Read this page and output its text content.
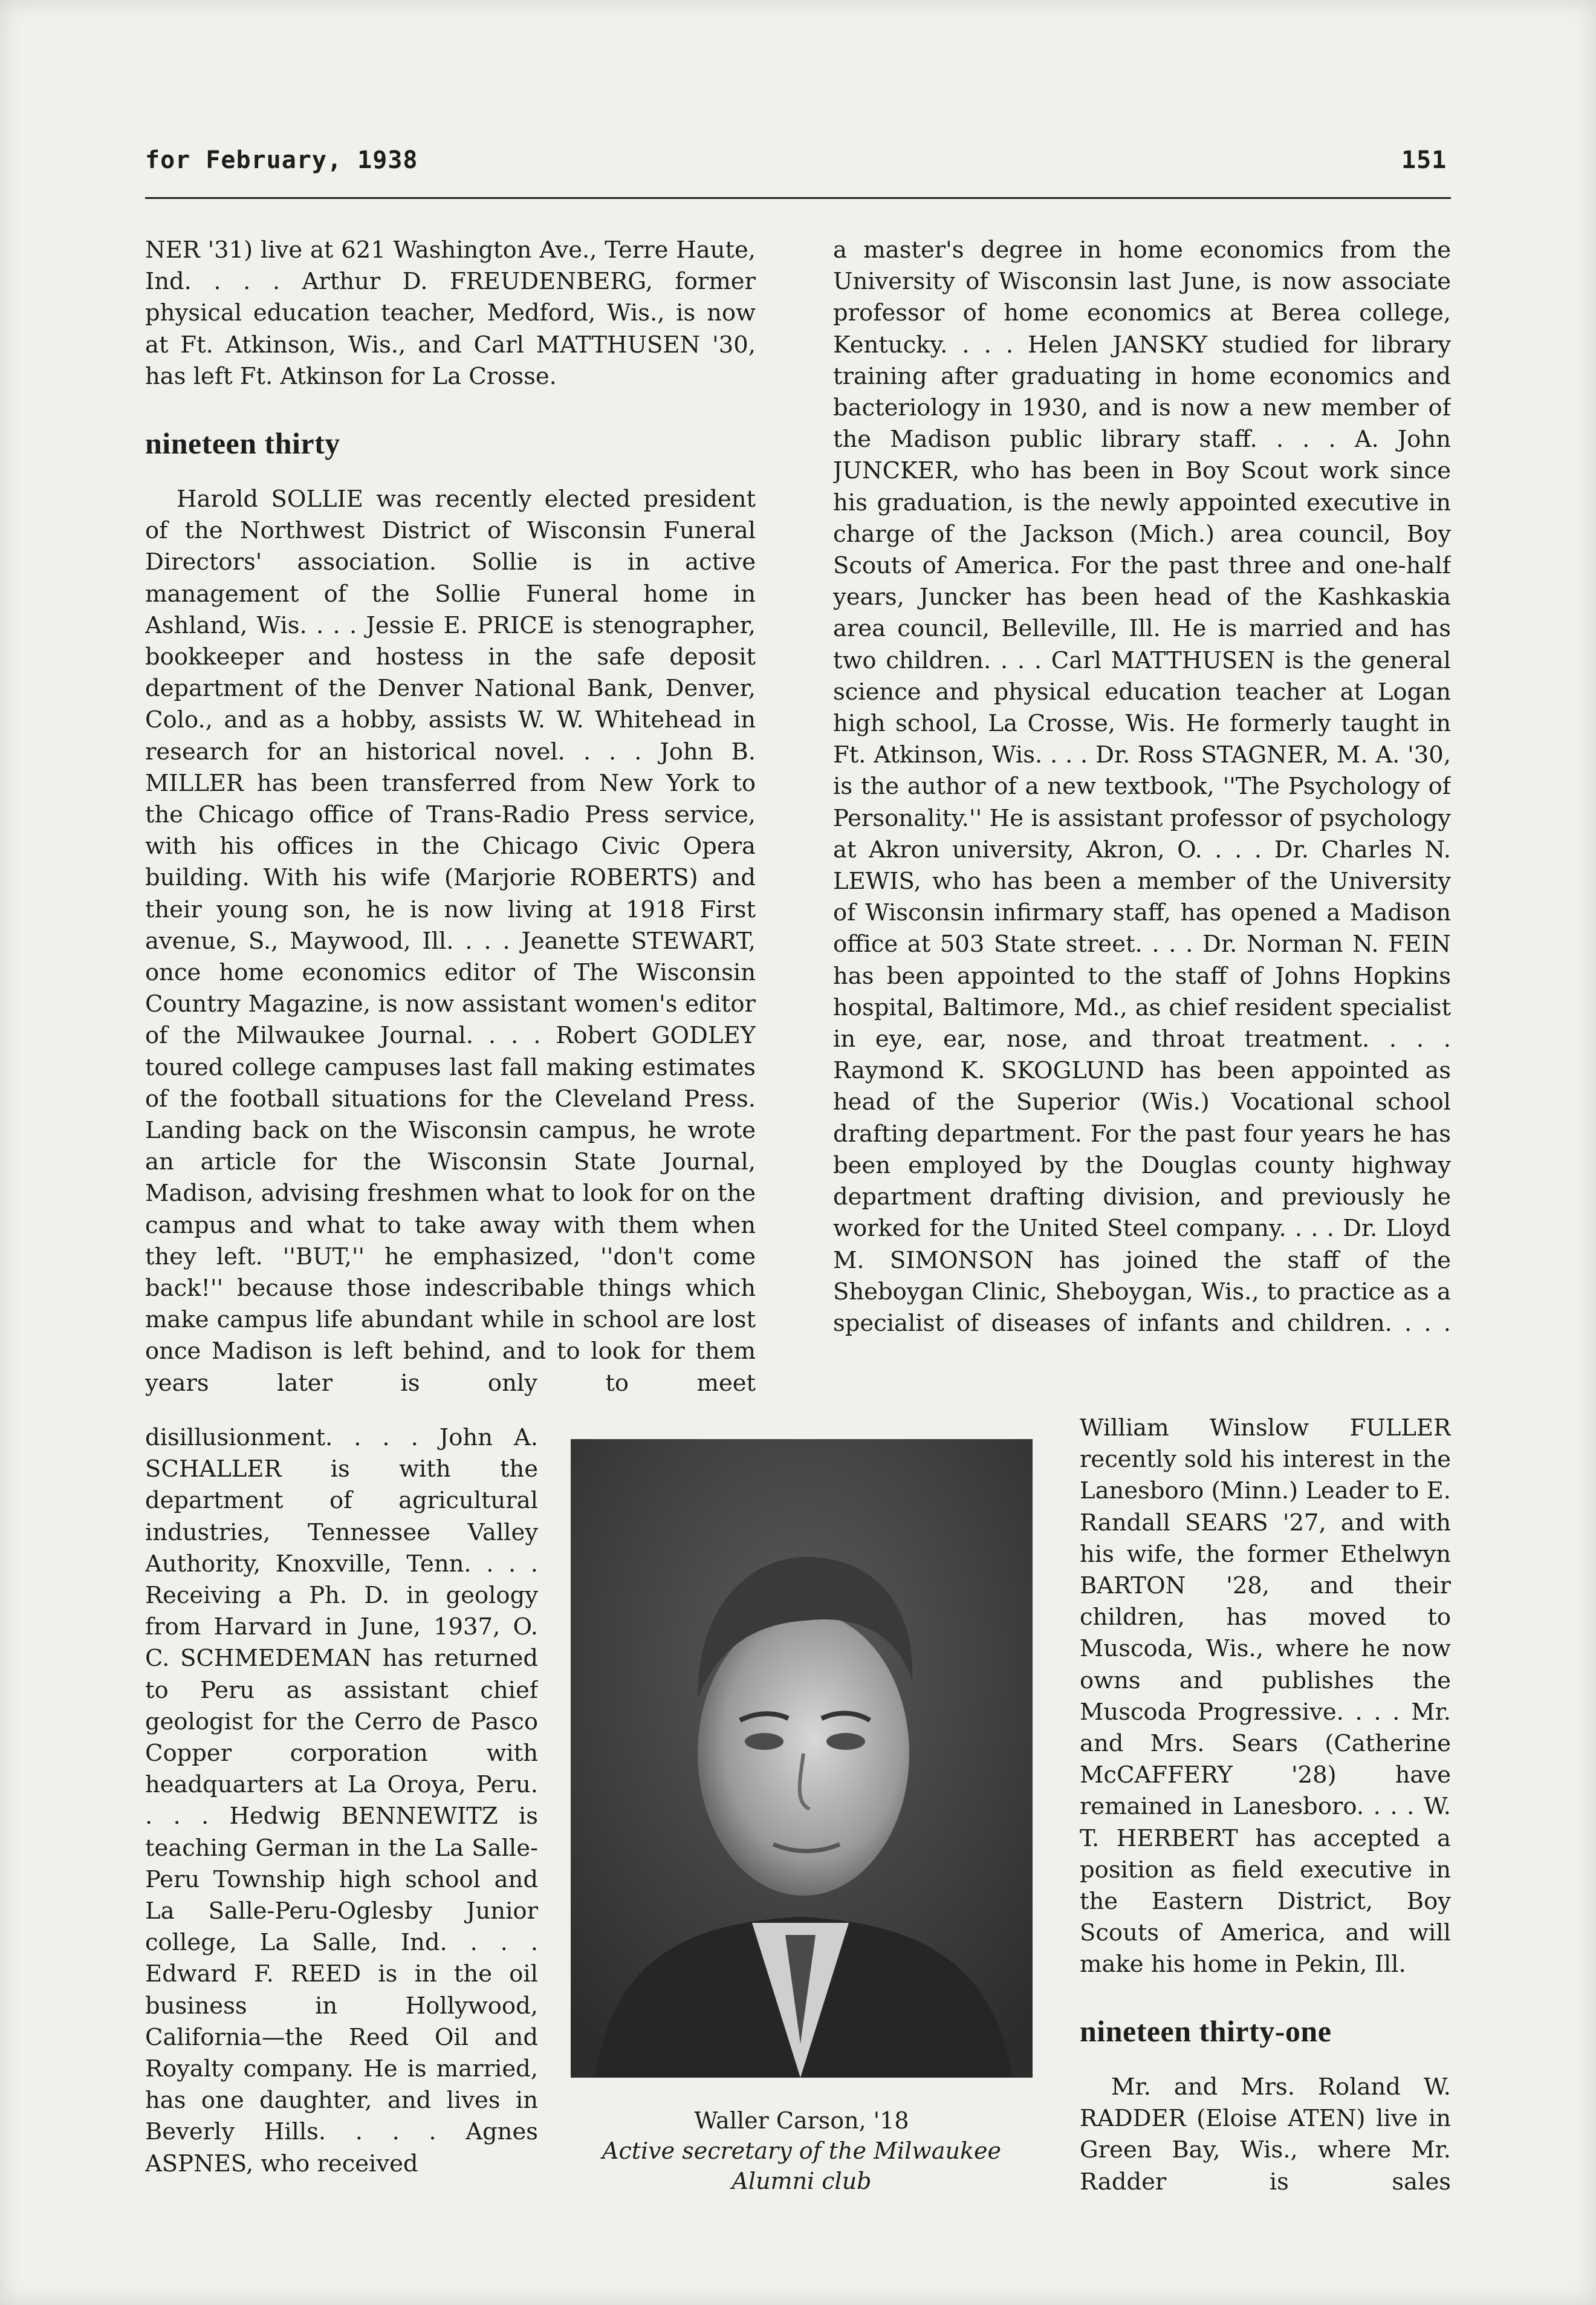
for February, 1938	151

NER '31) live at 621 Washington Ave., Terre Haute, Ind. . . . Arthur D. FREUDENBERG, former physical education teacher, Medford, Wis., is now at Ft. Atkinson, Wis., and Carl MATTHUSEN '30, has left Ft. Atkinson for La Crosse.

nineteen thirty

Harold SOLLIE was recently elected president of the Northwest District of Wisconsin Funeral Directors' association. Sollie is in active management of the Sollie Funeral home in Ashland, Wis. . . . Jessie E. PRICE is stenographer, bookkeeper and hostess in the safe deposit department of the Denver National Bank, Denver, Colo., and as a hobby, assists W. W. Whitehead in research for an historical novel. . . . John B. MILLER has been transferred from New York to the Chicago office of Trans-Radio Press service, with his offices in the Chicago Civic Opera building. With his wife (Marjorie ROBERTS) and their young son, he is now living at 1918 First avenue, S., Maywood, Ill. . . . Jeanette STEWART, once home economics editor of The Wisconsin Country Magazine, is now assistant women's editor of the Milwaukee Journal. . . . Robert GODLEY toured college campuses last fall making estimates of the football situations for the Cleveland Press. Landing back on the Wisconsin campus, he wrote an article for the Wisconsin State Journal, Madison, advising freshmen what to look for on the campus and what to take away with them when they left. ''BUT,'' he emphasized, ''don't come back!'' because those indescribable things which make campus life abundant while in school are lost once Madison is left behind, and to look for them years later is only to meet

disillusionment. . . . John A. SCHALLER is with the department of agricultural industries, Tennessee Valley Authority, Knoxville, Tenn. . . . Receiving a Ph. D. in geology from Harvard in June, 1937, O. C. SCHMEDEMAN has returned to Peru as assistant chief geologist for the Cerro de Pasco Copper corporation with headquarters at La Oroya, Peru. . . . Hedwig BENNEWITZ is teaching German in the La Salle-Peru Township high school and La Salle-Peru-Oglesby Junior college, La Salle, Ind. . . . Edward F. REED is in the oil business in Hollywood, California—the Reed Oil and Royalty company. He is married, has one daughter, and lives in Beverly Hills. . . . Agnes ASPNES, who received

Waller Carson, '18

Active secretary of the Milwaukee Alumni club

a master's degree in home economics from the University of Wisconsin last June, is now associate professor of home economics at Berea college, Kentucky. . . . Helen JANSKY studied for library training after graduating in home economics and bacteriology in 1930, and is now a new member of the Madison public library staff. . . . A. John JUNCKER, who has been in Boy Scout work since his graduation, is the newly appointed executive in charge of the Jackson (Mich.) area council, Boy Scouts of America. For the past three and one-half years, Juncker has been head of the Kashkaskia area council, Belleville, Ill. He is married and has two children. . . . Carl MATTHUSEN is the general science and physical education teacher at Logan high school, La Crosse, Wis. He formerly taught in Ft. Atkinson, Wis. . . . Dr. Ross STAGNER, M. A. '30, is the author of a new textbook, ''The Psychology of Personality.'' He is assistant professor of psychology at Akron university, Akron, O. . . . Dr. Charles N. LEWIS, who has been a member of the University of Wisconsin infirmary staff, has opened a Madison office at 503 State street. . . . Dr. Norman N. FEIN has been appointed to the staff of Johns Hopkins hospital, Baltimore, Md., as chief resident specialist in eye, ear, nose, and throat treatment. . . . Raymond K. SKOGLUND has been appointed as head of the Superior (Wis.) Vocational school drafting department. For the past four years he has been employed by the Douglas county highway department drafting division, and previously he worked for the United Steel company. . . . Dr. Lloyd M. SIMONSON has joined the staff of the Sheboygan Clinic, Sheboygan, Wis., to practice as a specialist of diseases of infants and children. . . .

William Winslow FULLER recently sold his interest in the Lanesboro (Minn.) Leader to E. Randall SEARS '27, and with his wife, the former Ethelwyn BARTON '28, and their children, has moved to Muscoda, Wis., where he now owns and publishes the Muscoda Progressive. . . . Mr. and Mrs. Sears (Catherine McCAFFERY '28) have remained in Lanesboro. . . . W. T. HERBERT has accepted a position as field executive in the Eastern District, Boy Scouts of America, and will make his home in Pekin, Ill.

nineteen thirty-one

Mr. and Mrs. Roland W. RADDER (Eloise ATEN) live in Green Bay, Wis., where Mr. Radder is sales
